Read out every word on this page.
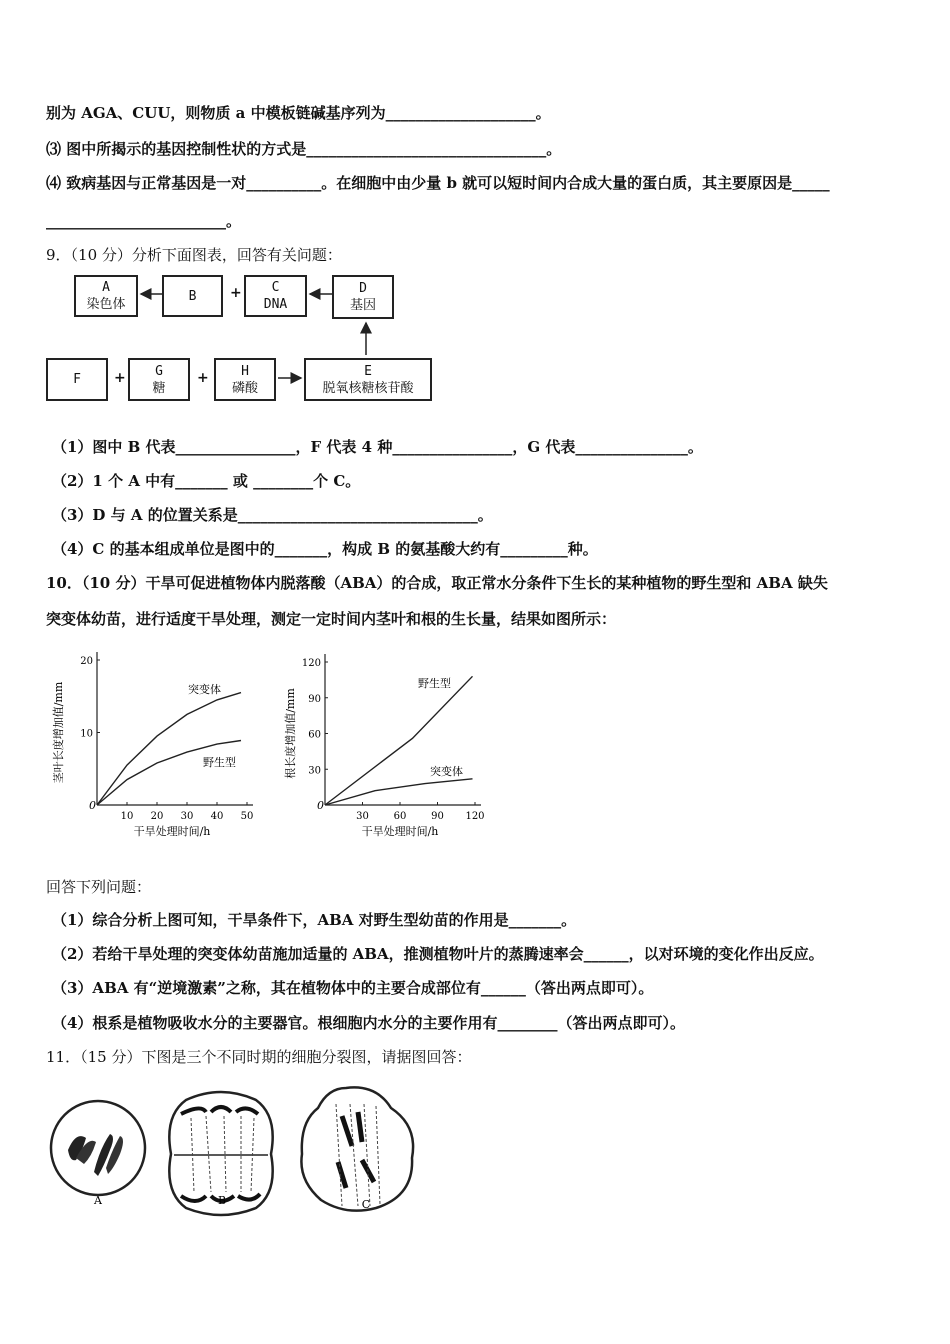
别为 AGA、CUU，则物质 a 中模板链碱基序列为____________________。
⑶ 图中所揭示的基因控制性状的方式是________________________________。
⑷ 致病基因与正常基因是一对__________。在细胞中由少量 b 就可以短时间内合成大量的蛋白质，其主要原因是_____
________________________。
9．（10 分）分析下面图表，回答有关问题：
A
染色体
B + C
DNA
D
基因
F + G
糖
+ H
磷酸
E
脱氧核糖核苷酸
（1）图中 B 代表________________，F 代表 4 种________________，G 代表_______________。
（2）1 个 A 中有_______ 或 ________个 C。
（3）D 与 A 的位置关系是________________________________。
（4）C 的基本组成单位是图中的_______，构成 B 的氨基酸大约有_________种。
10．（10 分）干旱可促进植物体内脱落酸（ABA）的合成，取正常水分条件下生长的某种植物的野生型和 ABA 缺失
突变体幼苗，进行适度干旱处理，测定一定时间内茎叶和根的生长量，结果如图所示：
0
10 20 30 40 50
10
20
干旱处理时间/h
茎叶长度增加值/mm	突变体
野生型
0
30 60 90 120
30
60
90
120
干旱处理时间/h
根长度增加值/mm
野生型
突变体
回答下列问题：
（1）综合分析上图可知，干旱条件下，ABA 对野生型幼苗的作用是_______。
（2）若给干旱处理的突变体幼苗施加适量的 ABA，推测植物叶片的蒸腾速率会______，以对环境的变化作出反应。
（3）ABA 有“逆境激素”之称，其在植物体中的主要合成部位有______（答出两点即可）。
（4）根系是植物吸收水分的主要器官。根细胞内水分的主要作用有________（答出两点即可）。
11．（15 分）下图是三个不同时期的细胞分裂图，请据图回答：
A	B	C
